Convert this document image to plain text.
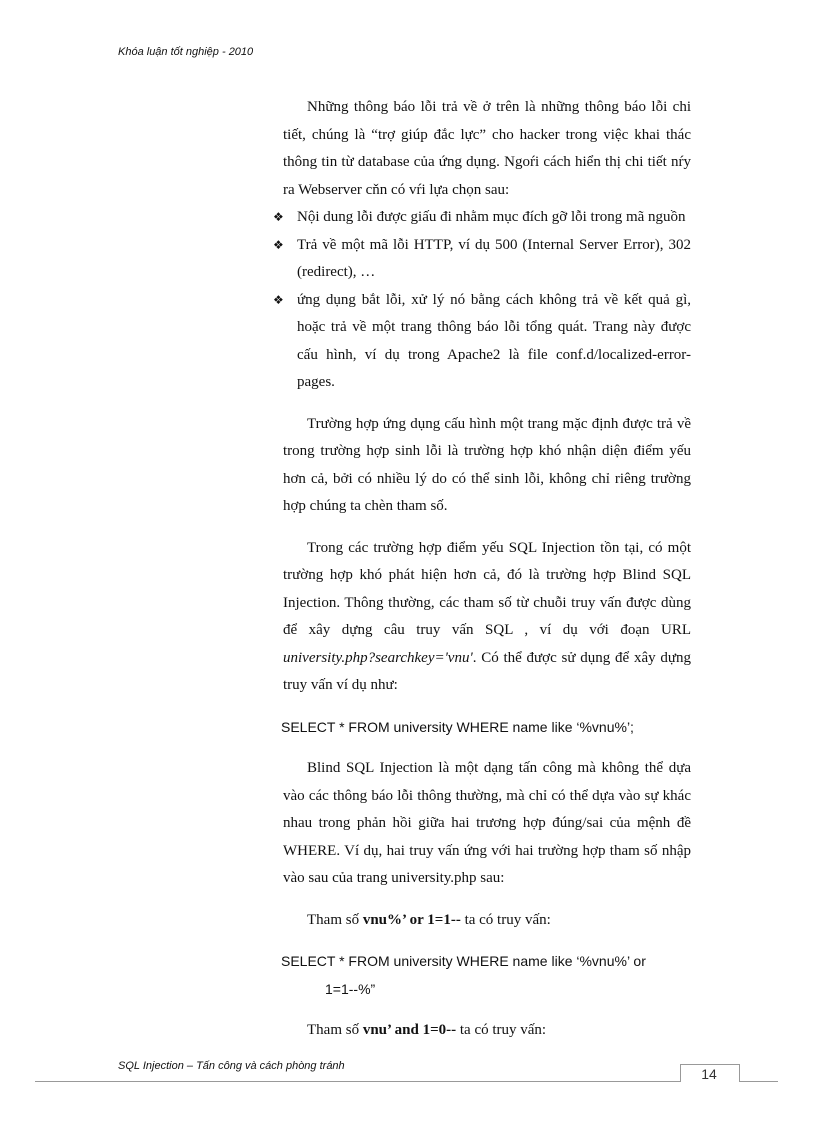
Khóa luận tốt nghiệp - 2010

Những thông báo lỗi trả về ở trên là những thông báo lỗi chi tiết, chúng là “trợ giúp đắc lực” cho hacker trong việc khai thác thông tin từ database của ứng dụng. Ngoŕi cách hiển thị chi tiết nŕy ra Webserver cňn có vŕi lựa chọn sau:

❖ Nội dung lỗi được giấu đi nhằm mục đích gỡ lỗi trong mã nguồn
❖ Trả về một mã lỗi HTTP, ví dụ 500 (Internal Server Error), 302 (redirect), …
❖ ứng dụng bắt lỗi, xử lý nó bằng cách không trả về kết quả gì, hoặc trả về một trang thông báo lỗi tổng quát. Trang này được cấu hình, ví dụ trong Apache2 là file conf.d/localized-error-pages.

Trường hợp ứng dụng cấu hình một trang mặc định được trả về trong trường hợp sinh lỗi là trường hợp khó nhận diện điểm yếu hơn cả, bởi có nhiều lý do có thể sinh lỗi, không chỉ riêng trường hợp chúng ta chèn tham số.

Trong các trường hợp điểm yếu SQL Injection tồn tại, có một trường hợp khó phát hiện hơn cả, đó là trường hợp Blind SQL Injection. Thông thường, các tham số từ chuỗi truy vấn được dùng để xây dựng câu truy vấn SQL , ví dụ với đoạn URL university.php?searchkey='vnu'. Có thể được sử dụng để xây dựng truy vấn ví dụ như:

SELECT * FROM university WHERE name like ‘%vnu%’;

Blind SQL Injection là một dạng tấn công mà không thể dựa vào các thông báo lỗi thông thường, mà chỉ có thể dựa vào sự khác nhau trong phản hồi giữa hai trương hợp đúng/sai của mệnh đề WHERE. Ví dụ, hai truy vấn ứng với hai trường hợp tham số nhập vào sau của trang university.php sau:

Tham số vnu%’ or 1=1-- ta có truy vấn:

SELECT * FROM university WHERE name like ‘%vnu%’ or
1=1--%”

Tham số vnu’ and 1=0-- ta có truy vấn:

SQL Injection – Tấn công và cách phòng tránh	14
